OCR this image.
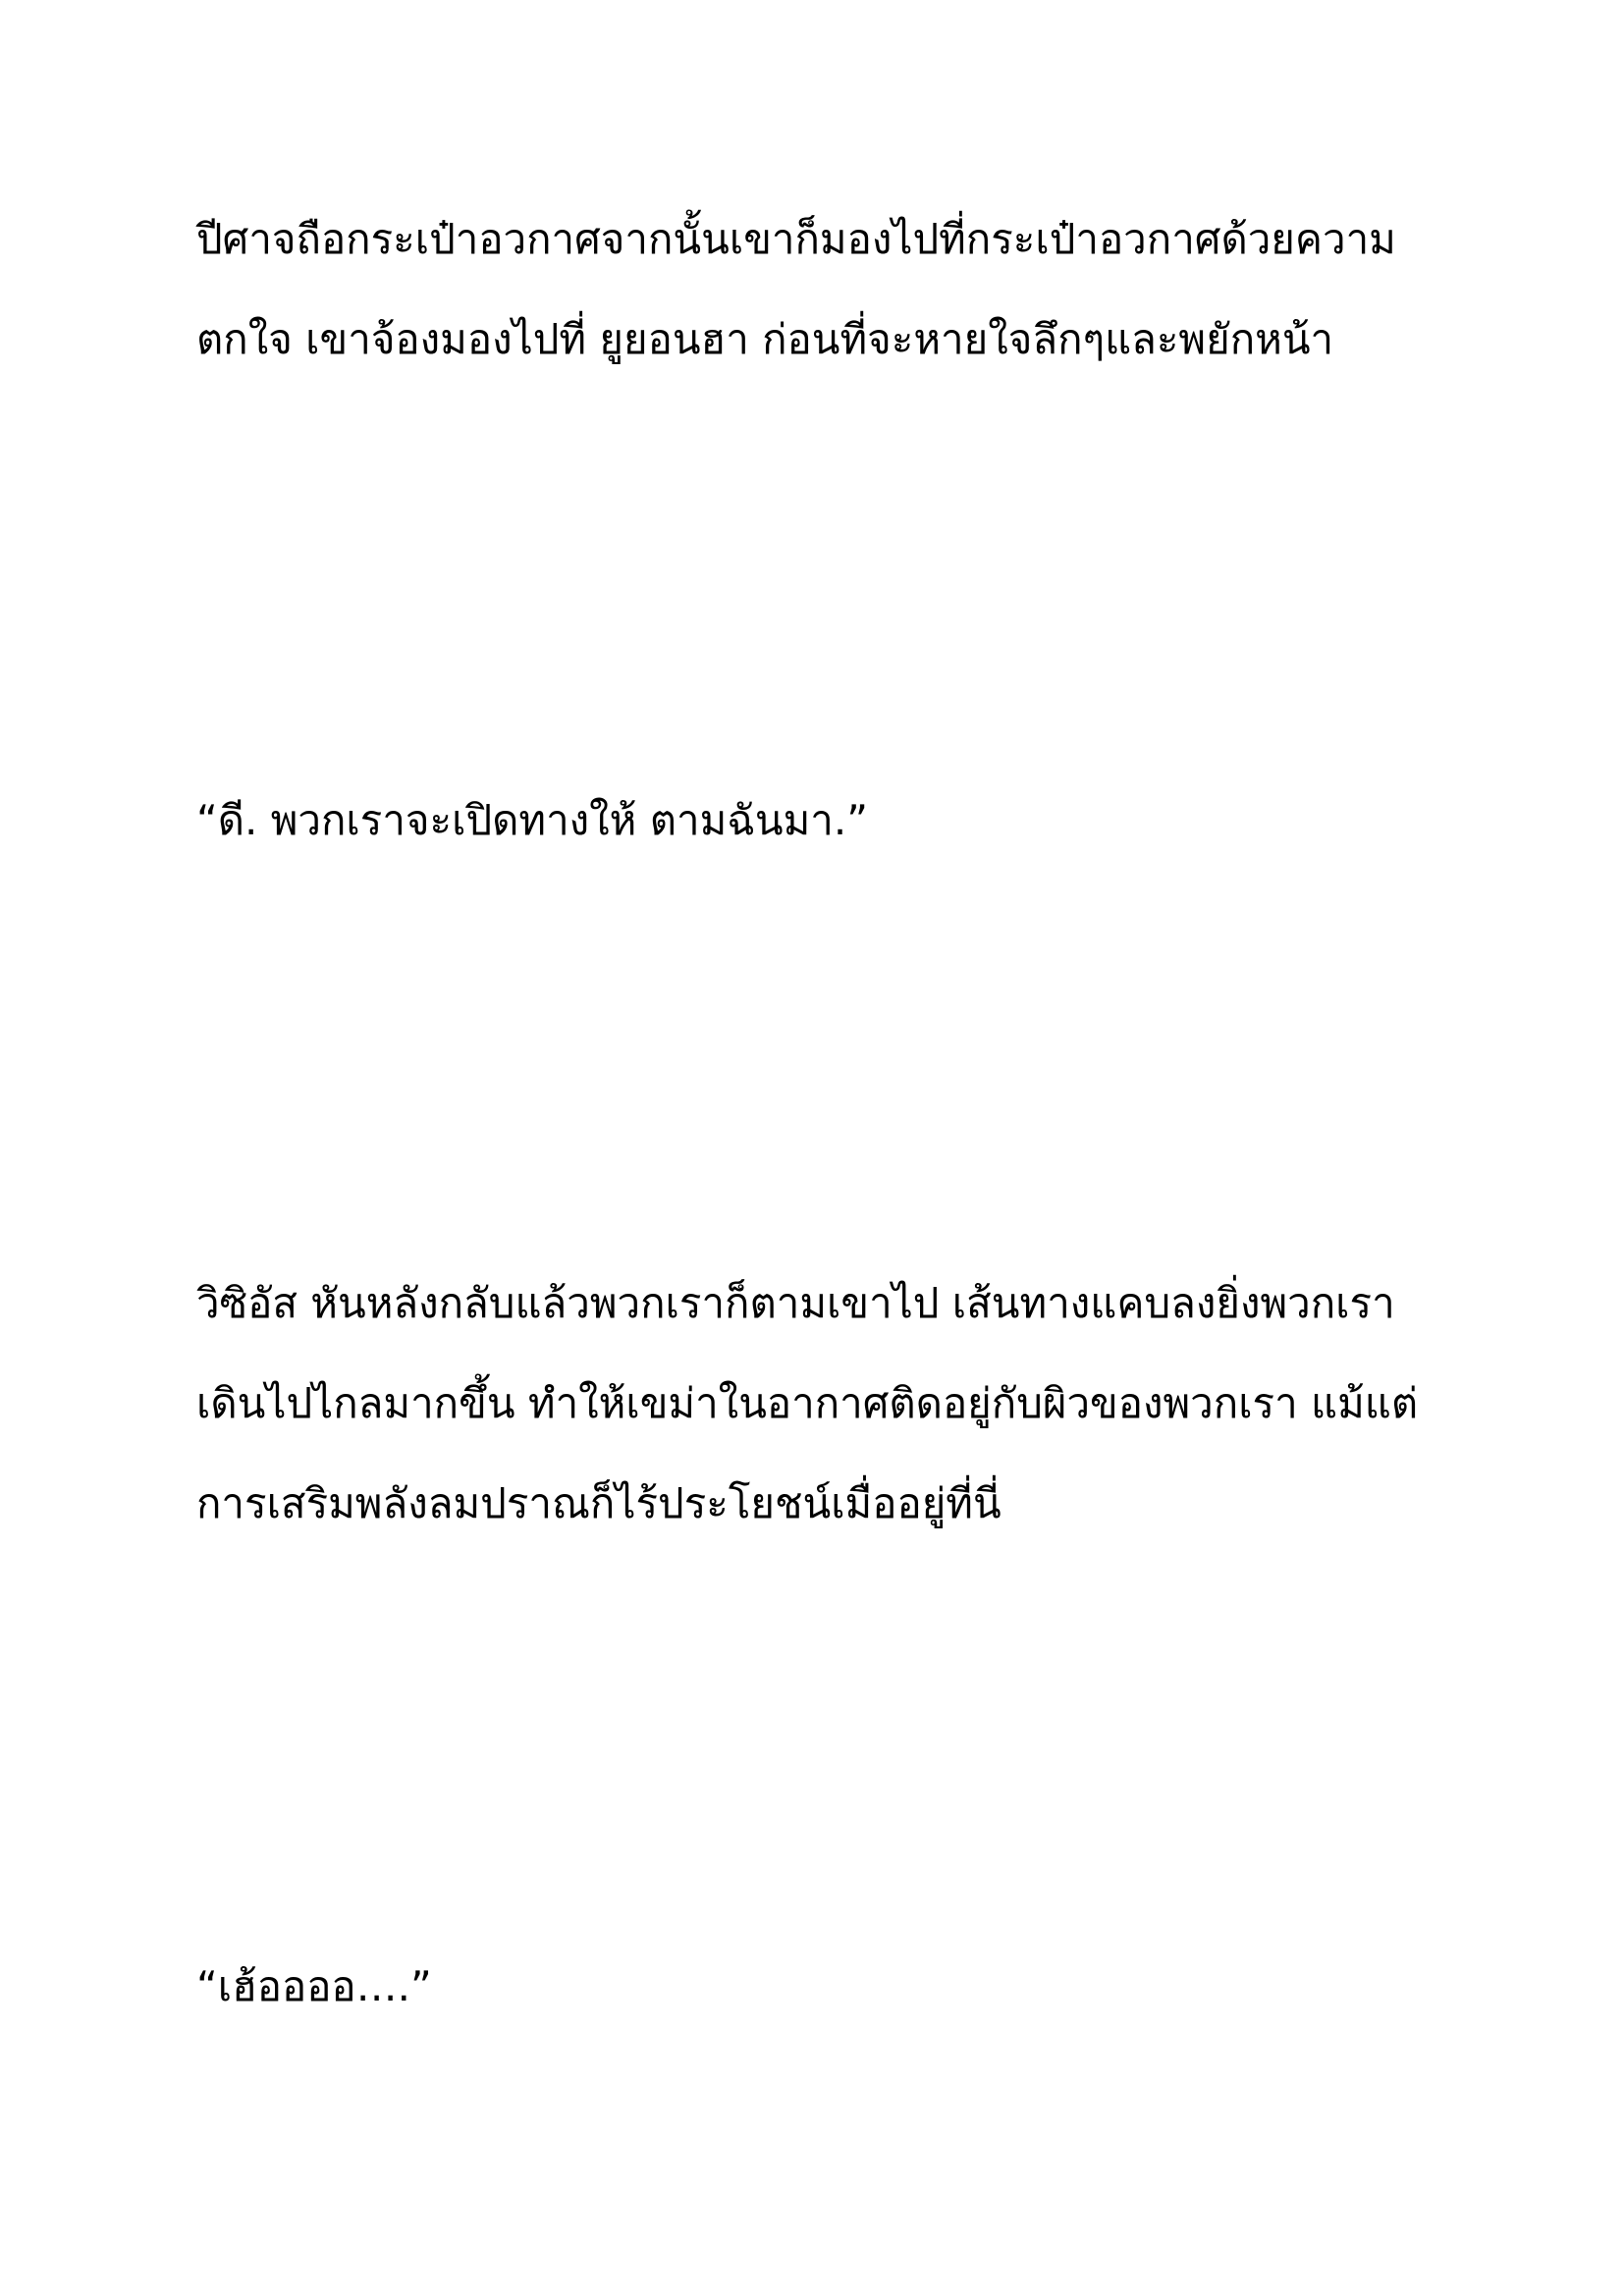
ปีศาจถือกระเป๋าอวกาศจากนั้นเขาก็มองไปที่กระเป๋าอวกาศด้วยความ

ตกใจ เขาจ้องมองไปที่ ยูยอนฮา ก่อนที่จะหายใจลึกๆและพยักหน้า

“ดี. พวกเราจะเปิดทางให้ ตามฉันมา.”

วิซิอัส หันหลังกลับแล้วพวกเราก็ตามเขาไป เส้นทางแคบลงยิ่งพวกเรา

เดินไปไกลมากขึ้น ทำให้เขม่าในอากาศติดอยู่กับผิวของพวกเรา แม้แต่

การเสริมพลังลมปราณก็ไร้ประโยชน์เมื่ออยู่ที่นี่

“เฮ้ออออ….”
